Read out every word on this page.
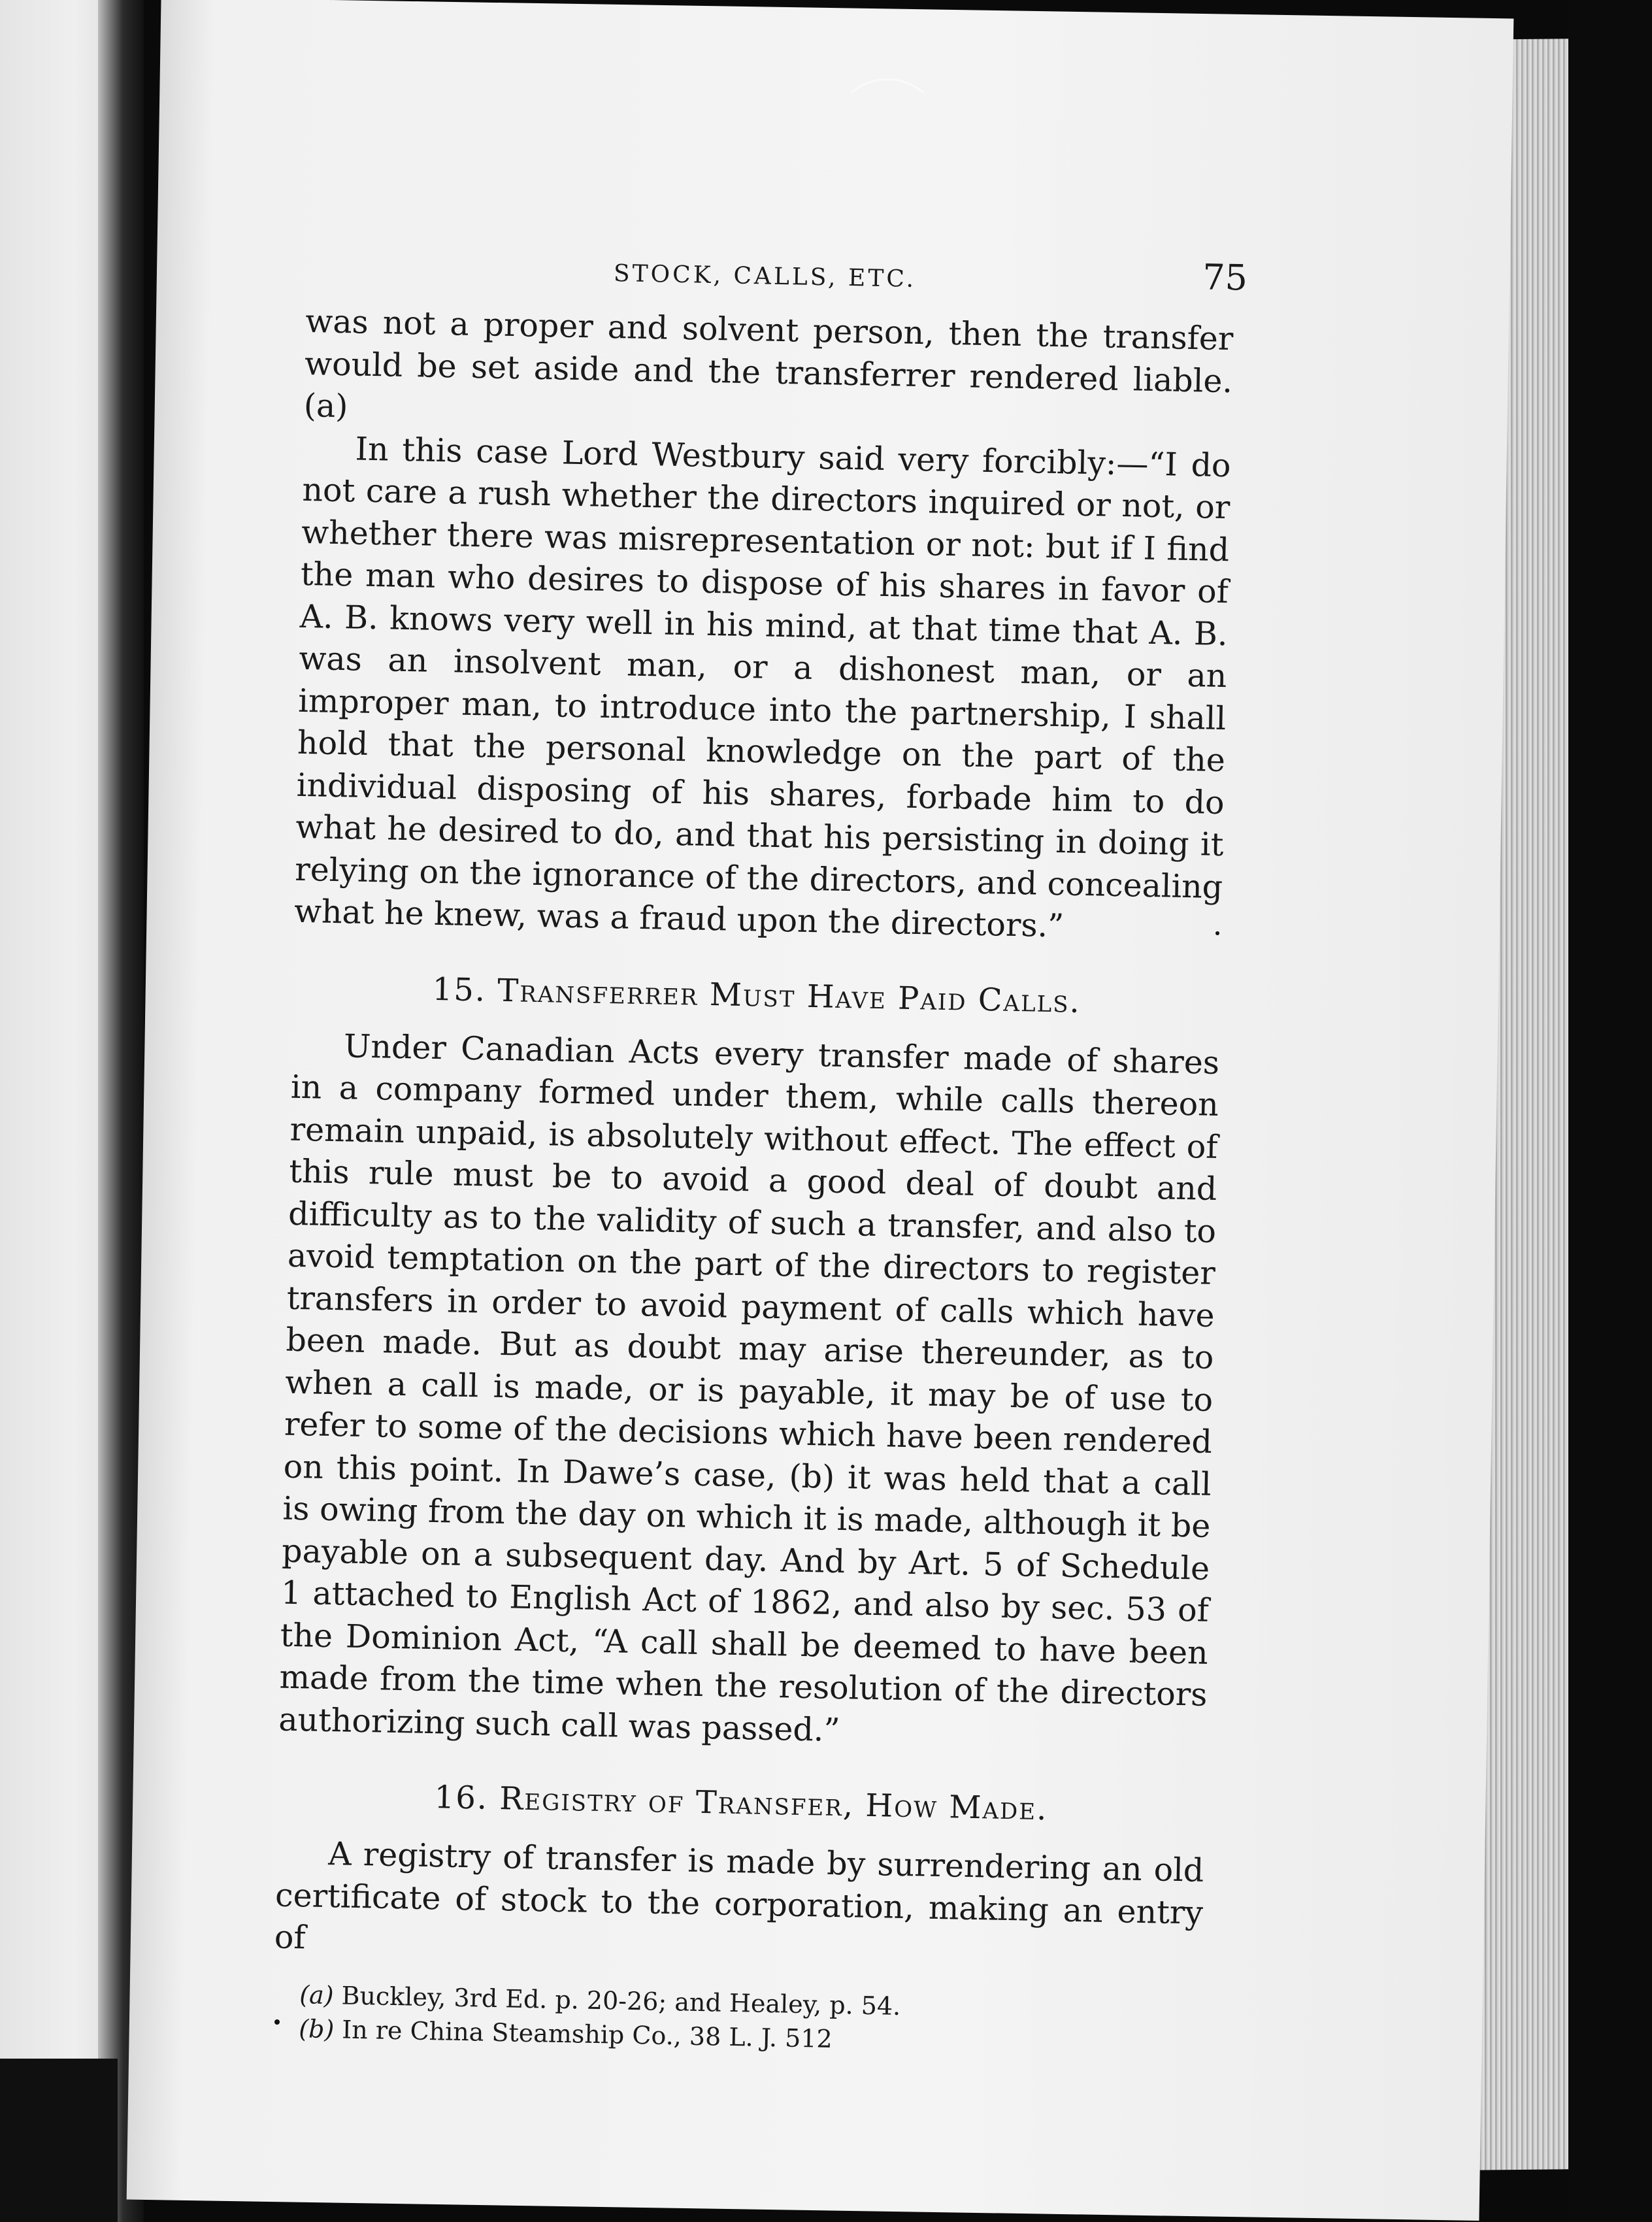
STOCK, CALLS, ETC.	75

was not a proper and solvent person, then the transfer would be set aside and the transferrer rendered liable. (a)

In this case Lord Westbury said very forcibly:—“I do not care a rush whether the directors inquired or not, or whether there was misrepresentation or not: but if I find the man who desires to dispose of his shares in favor of A. B. knows very well in his mind, at that time that A. B. was an insolvent man, or a dishonest man, or an improper man, to introduce into the partnership, I shall hold that the personal knowledge on the part of the individual disposing of his shares, forbade him to do what he desired to do, and that his persisting in doing it relying on the ignorance of the directors, and concealing what he knew, was a fraud upon the directors.”

15. Transferrer Must Have Paid Calls.

Under Canadian Acts every transfer made of shares in a company formed under them, while calls thereon remain unpaid, is absolutely without effect. The effect of this rule must be to avoid a good deal of doubt and difficulty as to the validity of such a transfer, and also to avoid temptation on the part of the directors to register transfers in order to avoid payment of calls which have been made. But as doubt may arise thereunder, as to when a call is made, or is payable, it may be of use to refer to some of the decisions which have been rendered on this point. In Dawe’s case, (b) it was held that a call is owing from the day on which it is made, although it be payable on a subsequent day. And by Art. 5 of Schedule 1 attached to English Act of 1862, and also by sec. 53 of the Dominion Act, “A call shall be deemed to have been made from the time when the resolution of the directors authorizing such call was passed.”

16. Registry of Transfer, How Made.

A registry of transfer is made by surrendering an old certificate of stock to the corporation, making an entry of

(a) Buckley, 3rd Ed. p. 20-26; and Healey, p. 54.
(b) In re China Steamship Co., 38 L. J. 512
